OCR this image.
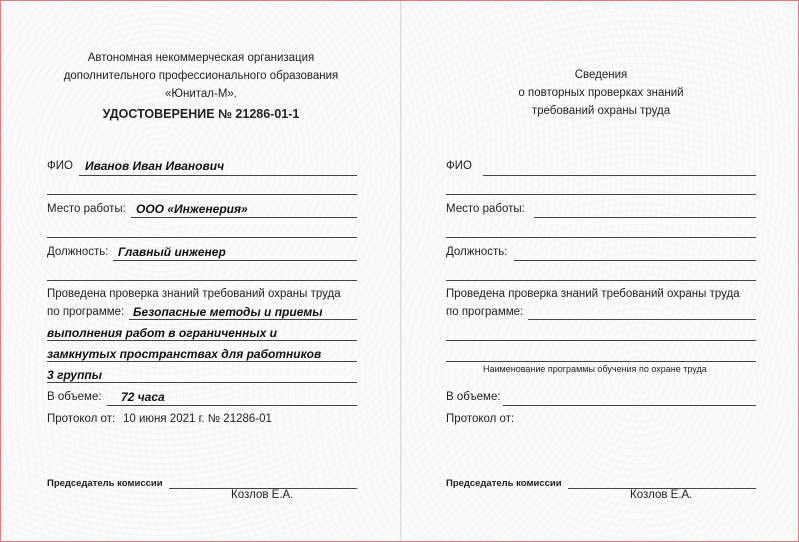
Автономная некоммерческая организация
дополнительного профессионального образования
«Юнитал-М».
УДОСТОВЕРЕНИЕ № 21286-01-1
ФИО Иванов Иван Иванович
Место работы: ООО «Инженерия»
Должность: Главный инженер
Проведена проверка знаний требований охраны труда
по программе: Безопасные методы и приемы
выполнения работ в ограниченных и
замкнутых пространствах для работников
3 группы
В объеме: 72 часа
Протокол от: 10 июня 2021 г. № 21286-01
Председатель комиссии
Козлов Е.А.
Сведения
о повторных проверках знаний
требований охраны труда
ФИО
Место работы:
Должность:
Проведена проверка знаний требований охраны труда
по программе:
Наименование программы обучения по охране труда
В объеме:
Протокол от:
Председатель комиссии
Козлов Е.А.
